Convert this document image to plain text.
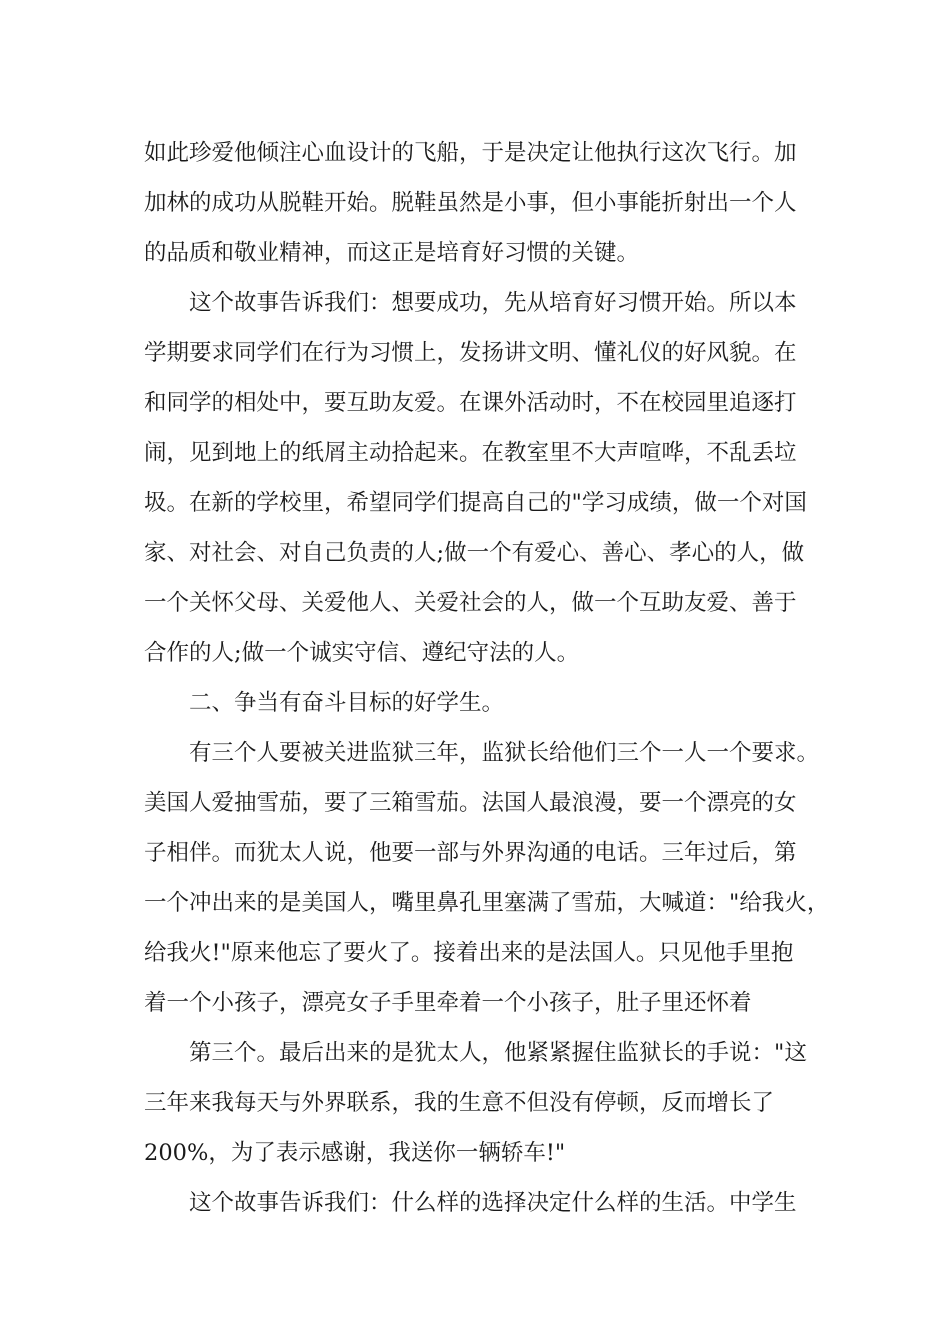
如此珍爱他倾注心血设计的飞船，于是决定让他执行这次飞行。加
加林的成功从脱鞋开始。脱鞋虽然是小事，但小事能折射出一个人
的品质和敬业精神，而这正是培育好习惯的关键。
这个故事告诉我们：想要成功，先从培育好习惯开始。所以本
学期要求同学们在行为习惯上，发扬讲文明、懂礼仪的好风貌。在
和同学的相处中，要互助友爱。在课外活动时，不在校园里追逐打
闹，见到地上的纸屑主动拾起来。在教室里不大声喧哗，不乱丢垃
圾。在新的学校里，希望同学们提高自己的"学习成绩，做一个对国
家、对社会、对自己负责的人;做一个有爱心、善心、孝心的人，做
一个关怀父母、关爱他人、关爱社会的人，做一个互助友爱、善于
合作的人;做一个诚实守信、遵纪守法的人。
二、争当有奋斗目标的好学生。
有三个人要被关进监狱三年，监狱长给他们三个一人一个要求。
美国人爱抽雪茄，要了三箱雪茄。法国人最浪漫，要一个漂亮的女
子相伴。而犹太人说，他要一部与外界沟通的电话。三年过后，第
一个冲出来的是美国人，嘴里鼻孔里塞满了雪茄，大喊道："给我火，
给我火!"原来他忘了要火了。接着出来的是法国人。只见他手里抱
着一个小孩子，漂亮女子手里牵着一个小孩子，肚子里还怀着
第三个。最后出来的是犹太人，他紧紧握住监狱长的手说："这
三年来我每天与外界联系，我的生意不但没有停顿，反而增长了
200%，为了表示感谢，我送你一辆轿车!"
这个故事告诉我们：什么样的选择决定什么样的生活。中学生
